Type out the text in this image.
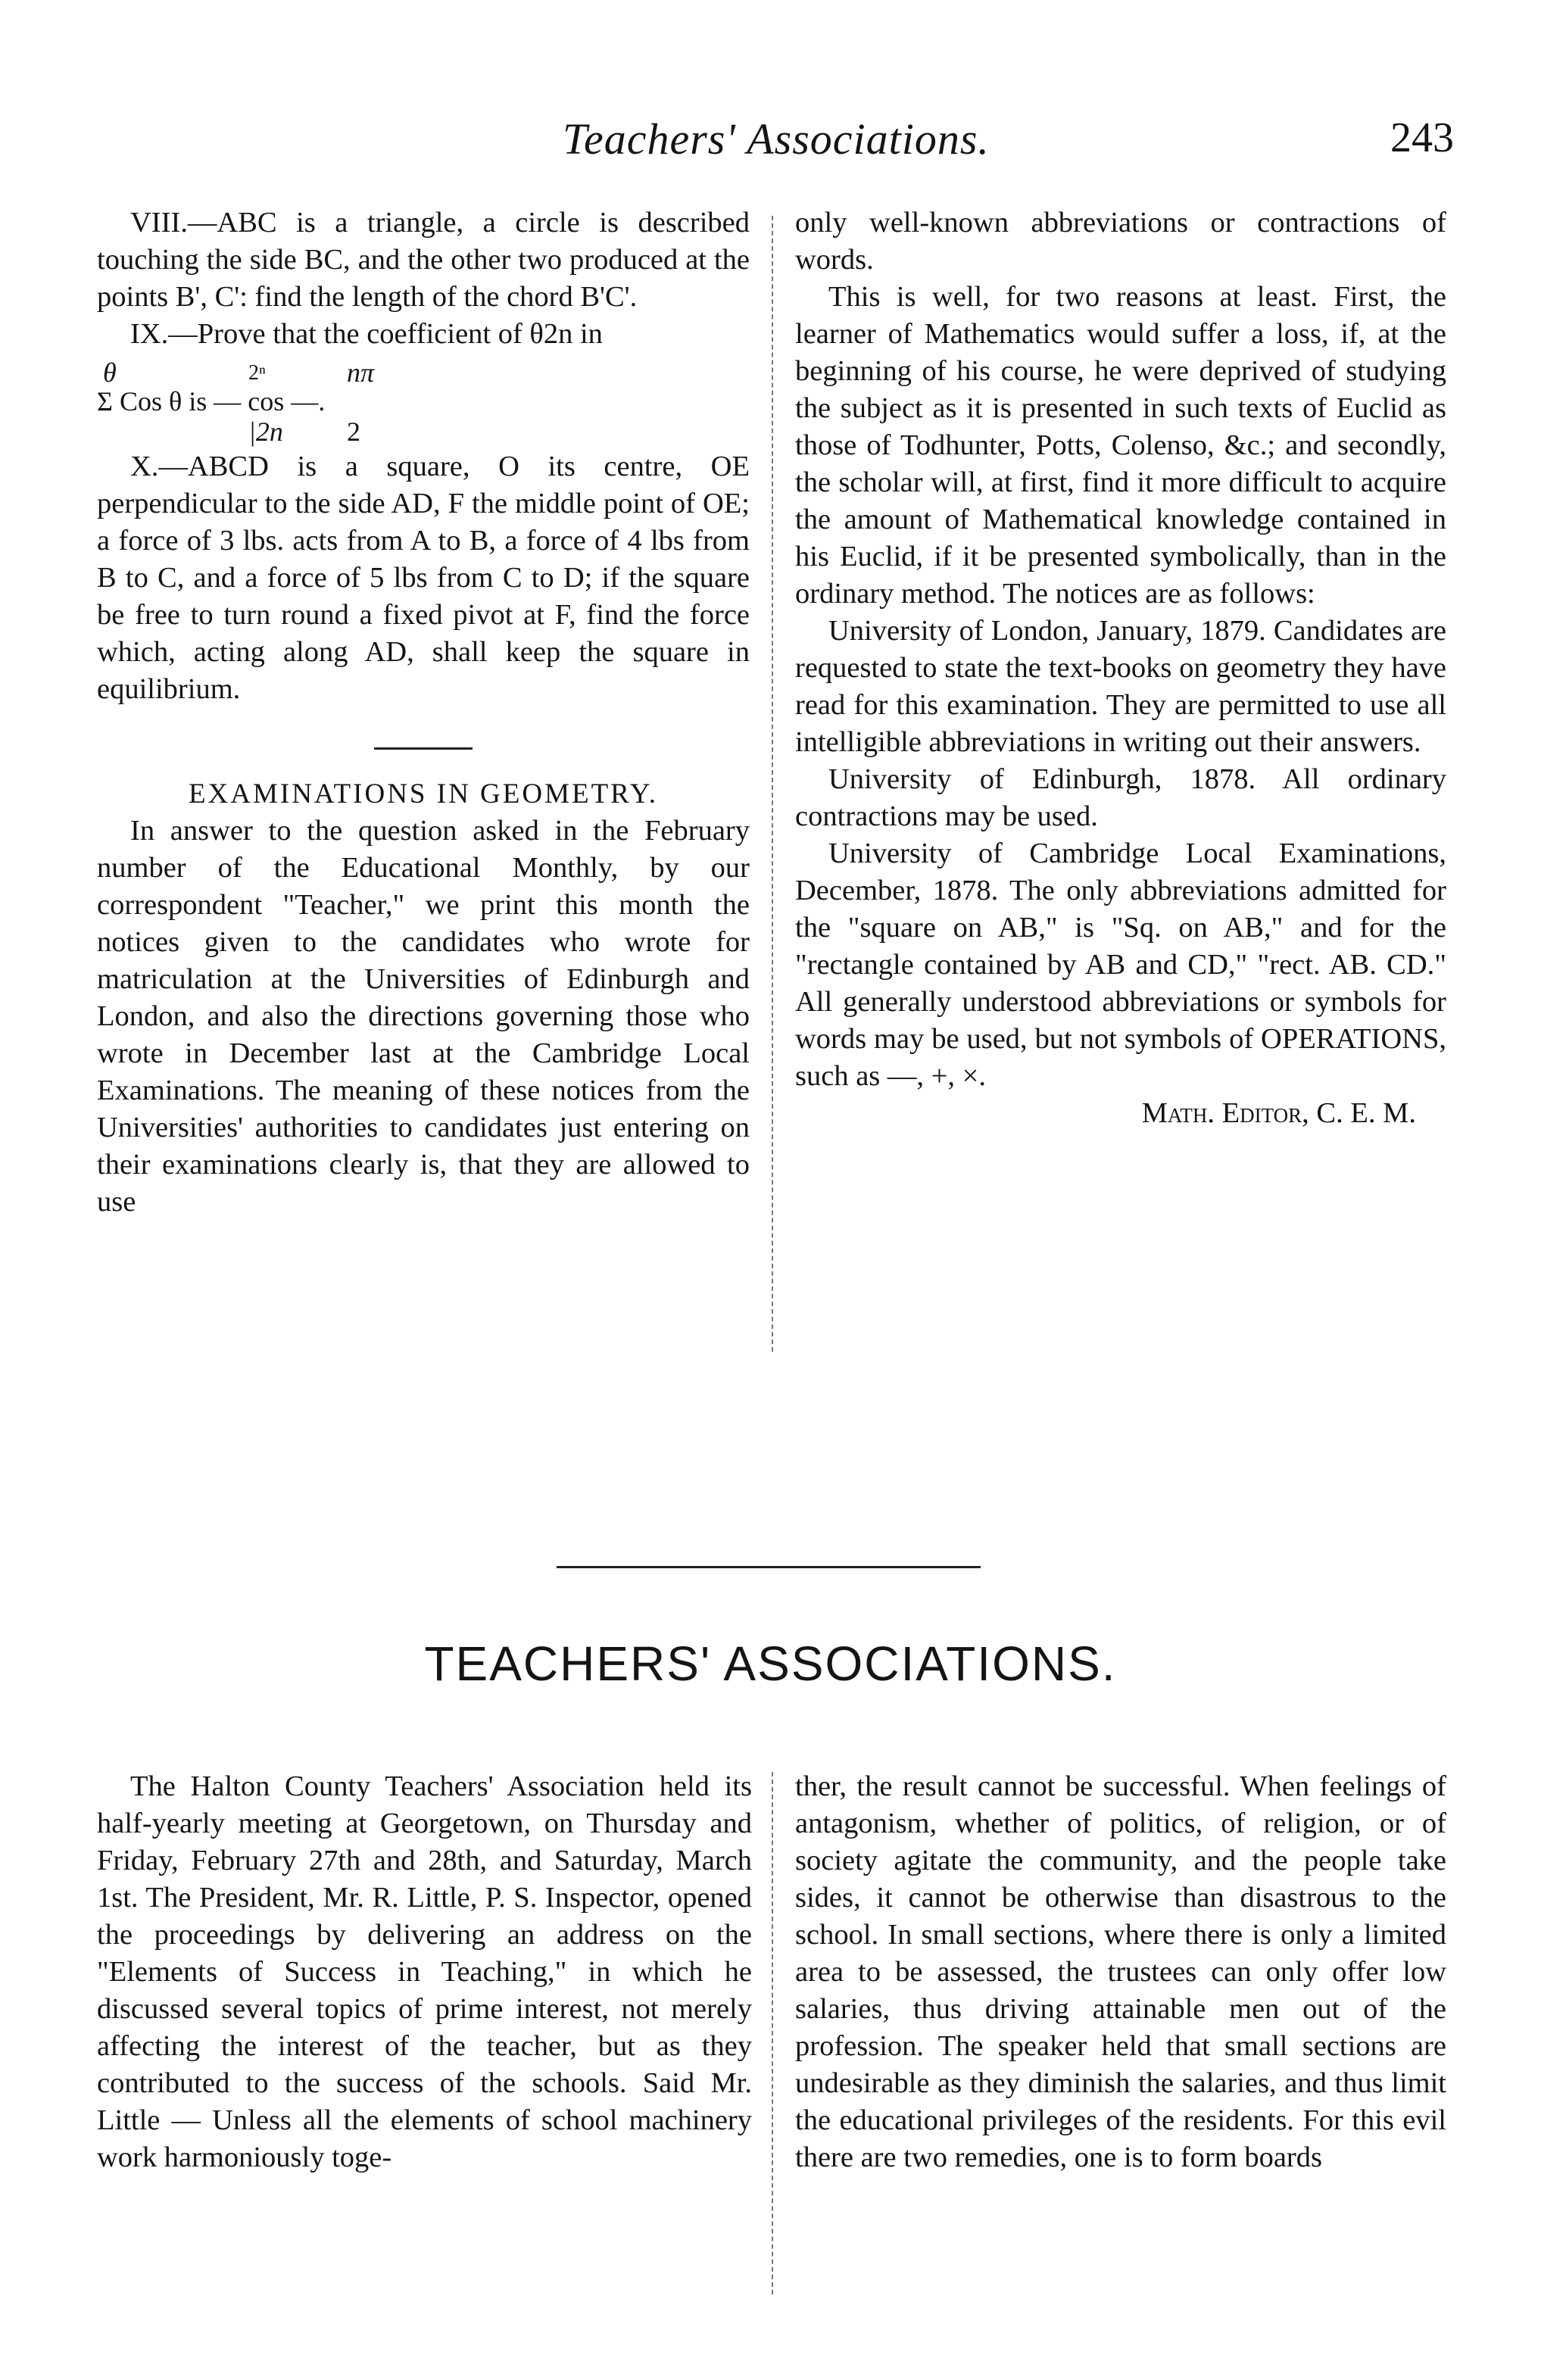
Teachers' Associations.	243

VIII.—ABC is a triangle, a circle is described touching the side BC, and the other two produced at the points B', C': find the length of the chord B'C'.

IX.—Prove that the coefficient of θ2n in

θ	2ⁿ	nπ
Σ Cos θ is — cos —.
|2n 2

X.—ABCD is a square, O its centre, OE perpendicular to the side AD, F the middle point of OE; a force of 3 lbs. acts from A to B, a force of 4 lbs from B to C, and a force of 5 lbs from C to D; if the square be free to turn round a fixed pivot at F, find the force which, acting along AD, shall keep the square in equilibrium.

EXAMINATIONS IN GEOMETRY.

In answer to the question asked in the February number of the Educational Monthly, by our correspondent "Teacher," we print this month the notices given to the candidates who wrote for matriculation at the Universities of Edinburgh and London, and also the directions governing those who wrote in December last at the Cambridge Local Examinations. The meaning of these notices from the Universities' authorities to candidates just entering on their examinations clearly is, that they are allowed to use

only well-known abbreviations or contractions of words.

This is well, for two reasons at least. First, the learner of Mathematics would suffer a loss, if, at the beginning of his course, he were deprived of studying the subject as it is presented in such texts of Euclid as those of Todhunter, Potts, Colenso, &c.; and secondly, the scholar will, at first, find it more difficult to acquire the amount of Mathematical knowledge contained in his Euclid, if it be presented symbolically, than in the ordinary method. The notices are as follows:

University of London, January, 1879. Candidates are requested to state the text-books on geometry they have read for this examination. They are permitted to use all intelligible abbreviations in writing out their answers.

University of Edinburgh, 1878. All ordinary contractions may be used.

University of Cambridge Local Examinations, December, 1878. The only abbreviations admitted for the "square on AB," is "Sq. on AB," and for the "rectangle contained by AB and CD," "rect. AB. CD." All generally understood abbreviations or symbols for words may be used, but not symbols of OPERATIONS, such as —, +, ×.

Math. Editor, C. E. M.

TEACHERS' ASSOCIATIONS.

The Halton County Teachers' Association held its half-yearly meeting at Georgetown, on Thursday and Friday, February 27th and 28th, and Saturday, March 1st. The President, Mr. R. Little, P. S. Inspector, opened the proceedings by delivering an address on the "Elements of Success in Teaching," in which he discussed several topics of prime interest, not merely affecting the interest of the teacher, but as they contributed to the success of the schools. Said Mr. Little — Unless all the elements of school machinery work harmoniously toge-

ther, the result cannot be successful. When feelings of antagonism, whether of politics, of religion, or of society agitate the community, and the people take sides, it cannot be otherwise than disastrous to the school. In small sections, where there is only a limited area to be assessed, the trustees can only offer low salaries, thus driving attainable men out of the profession. The speaker held that small sections are undesirable as they diminish the salaries, and thus limit the educational privileges of the residents. For this evil there are two remedies, one is to form boards
